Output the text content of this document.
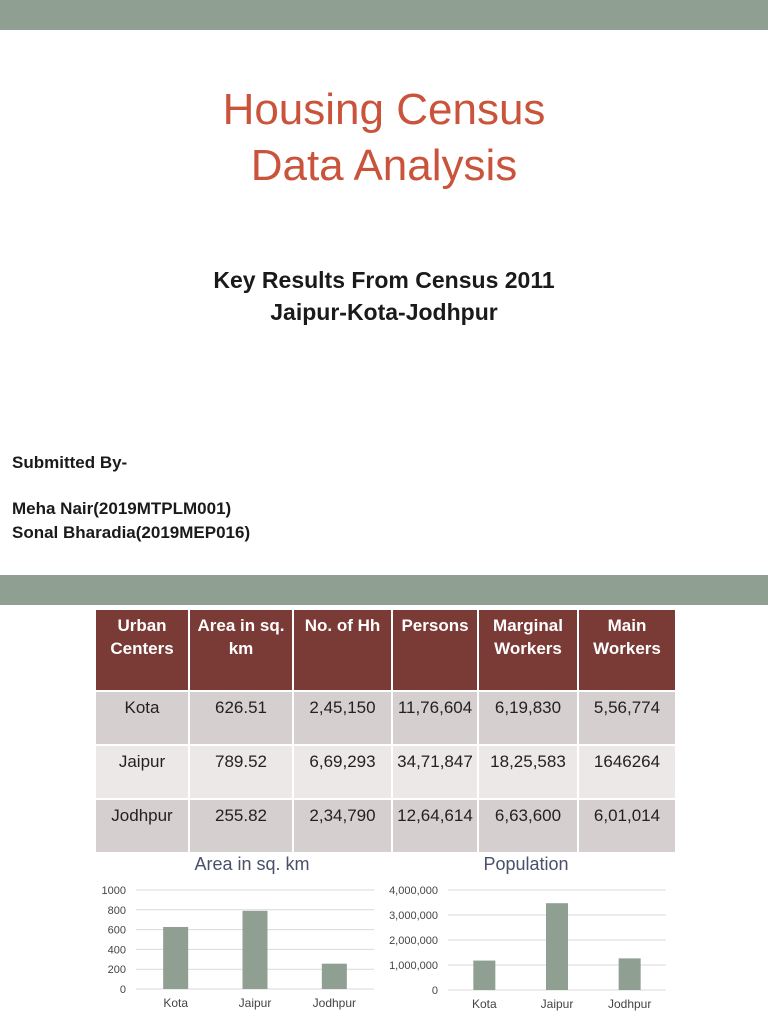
Housing Census
Data Analysis
Key Results From Census 2011
Jaipur-Kota-Jodhpur
Submitted By-
Meha Nair(2019MTPLM001)
Sonal Bharadia(2019MEP016)
Urban Centers	Area in sq. km	No. of Hh	Persons	Marginal Workers	Main Workers
Kota	626.51	2,45,150	11,76,604	6,19,830	5,56,774
Jaipur	789.52	6,69,293	34,71,847	18,25,583	1646264
Jodhpur	255.82	2,34,790	12,64,614	6,63,600	6,01,014
0
200
400
600
800
1000
Kota	Jaipur	Jodhpur
Area in sq. km
0
1,000,000
2,000,000
3,000,000
4,000,000
Kota	Jaipur	Jodhpur
Population
